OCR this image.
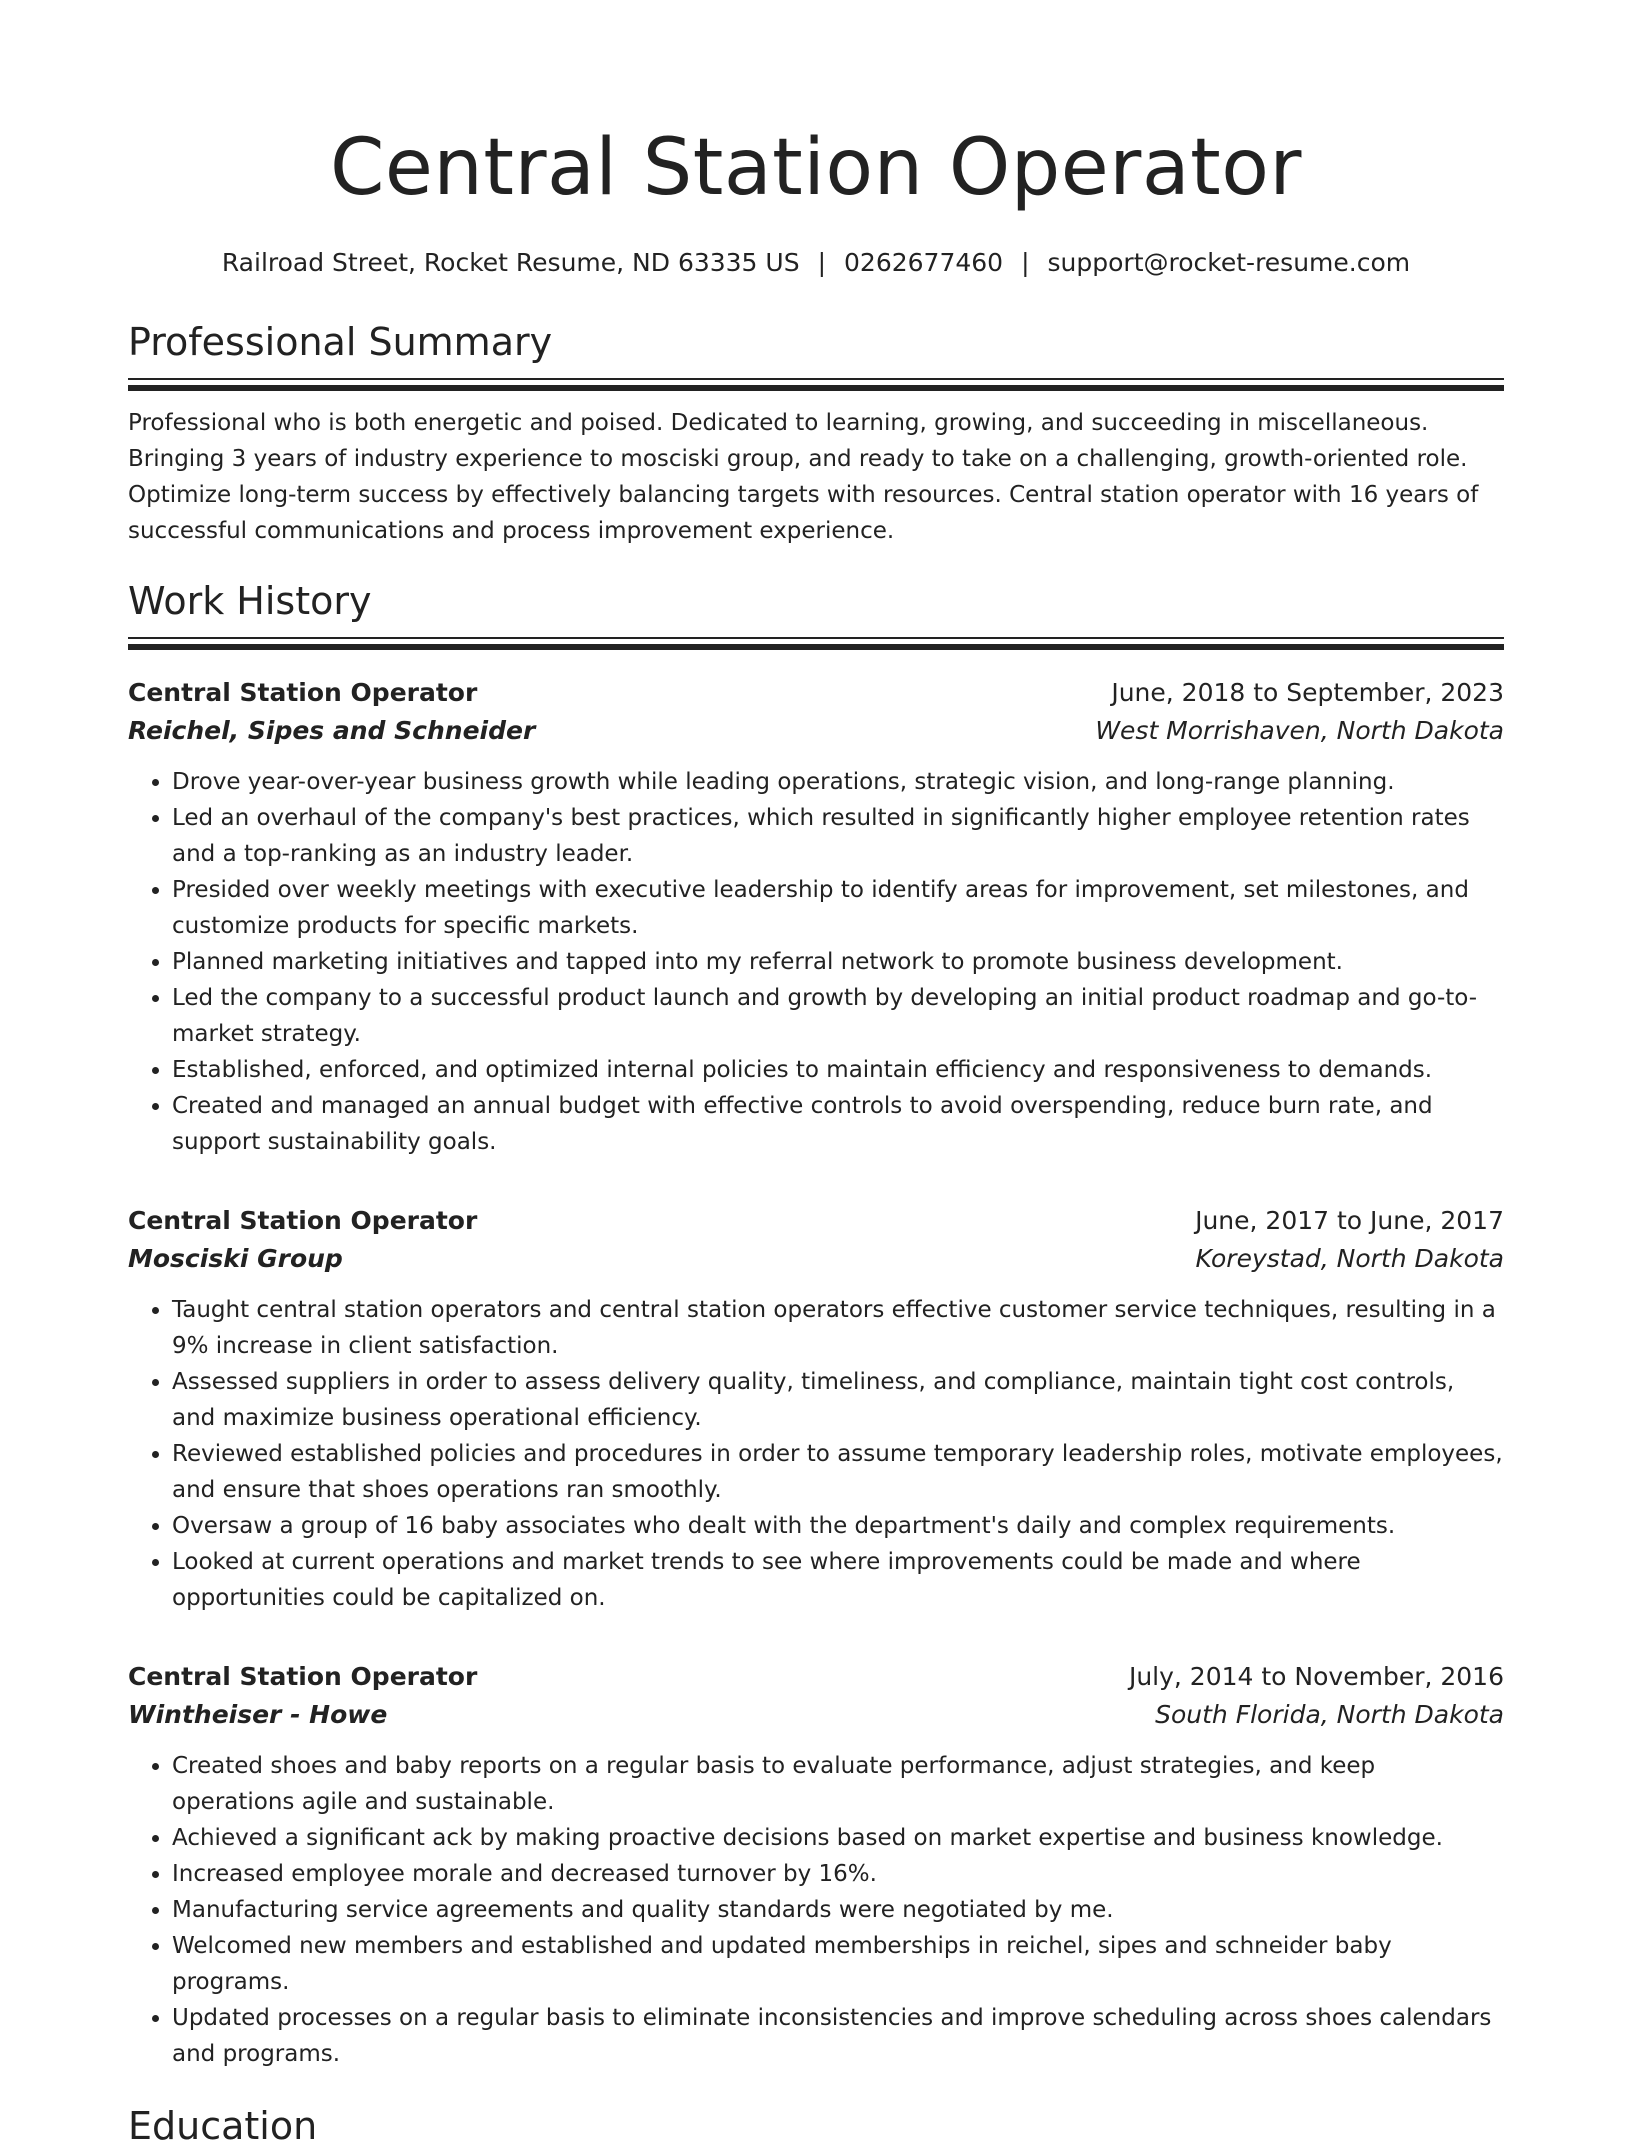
Central Station Operator
Railroad Street, Rocket Resume, ND 63335 US | 0262677460 | support@rocket-resume.com
Professional Summary

Professional who is both energetic and poised. Dedicated to learning, growing, and succeeding in miscellaneous. Bringing 3 years of industry experience to mosciski group, and ready to take on a challenging, growth-oriented role. Optimize long-term success by effectively balancing targets with resources. Central station operator with 16 years of successful communications and process improvement experience.

Work History
Central Station Operator	June, 2018 to September, 2023
Reichel, Sipes and Schneider	West Morrishaven, North Dakota
• Drove year-over-year business growth while leading operations, strategic vision, and long-range planning.
• Led an overhaul of the company's best practices, which resulted in significantly higher employee retention rates and a top-ranking as an industry leader.
• Presided over weekly meetings with executive leadership to identify areas for improvement, set milestones, and customize products for specific markets.
• Planned marketing initiatives and tapped into my referral network to promote business development.
• Led the company to a successful product launch and growth by developing an initial product roadmap and go-to-market strategy.
• Established, enforced, and optimized internal policies to maintain efficiency and responsiveness to demands.
• Created and managed an annual budget with effective controls to avoid overspending, reduce burn rate, and support sustainability goals.
Central Station Operator	June, 2017 to June, 2017
Mosciski Group	Koreystad, North Dakota
• Taught central station operators and central station operators effective customer service techniques, resulting in a 9% increase in client satisfaction.
• Assessed suppliers in order to assess delivery quality, timeliness, and compliance, maintain tight cost controls, and maximize business operational efficiency.
• Reviewed established policies and procedures in order to assume temporary leadership roles, motivate employees, and ensure that shoes operations ran smoothly.
• Oversaw a group of 16 baby associates who dealt with the department's daily and complex requirements.
• Looked at current operations and market trends to see where improvements could be made and where opportunities could be capitalized on.
Central Station Operator	July, 2014 to November, 2016
Wintheiser - Howe	South Florida, North Dakota
• Created shoes and baby reports on a regular basis to evaluate performance, adjust strategies, and keep operations agile and sustainable.
• Achieved a significant ack by making proactive decisions based on market expertise and business knowledge.
• Increased employee morale and decreased turnover by 16%.
• Manufacturing service agreements and quality standards were negotiated by me.
• Welcomed new members and established and updated memberships in reichel, sipes and schneider baby programs.
• Updated processes on a regular basis to eliminate inconsistencies and improve scheduling across shoes calendars and programs.
Education
